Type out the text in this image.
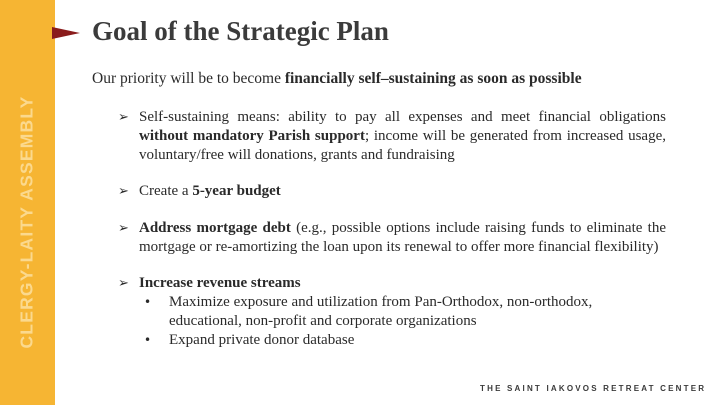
CLERGY-LAITY ASSEMBLY
Goal of the Strategic Plan
Our priority will be to become financially self–sustaining as soon as possible
➢ Self-sustaining means: ability to pay all expenses and meet financial obligations without mandatory Parish support; income will be generated from increased usage, voluntary/free will donations, grants and fundraising
➢ Create a 5-year budget
➢ Address mortgage debt (e.g., possible options include raising funds to eliminate the mortgage or re-amortizing the loan upon its renewal to offer more financial flexibility)
➢ Increase revenue streams
• Maximize exposure and utilization from Pan-Orthodox, non-orthodox, educational, non-profit and corporate organizations
• Expand private donor database
THE SAINT IAKOVOS RETREAT CENTER
